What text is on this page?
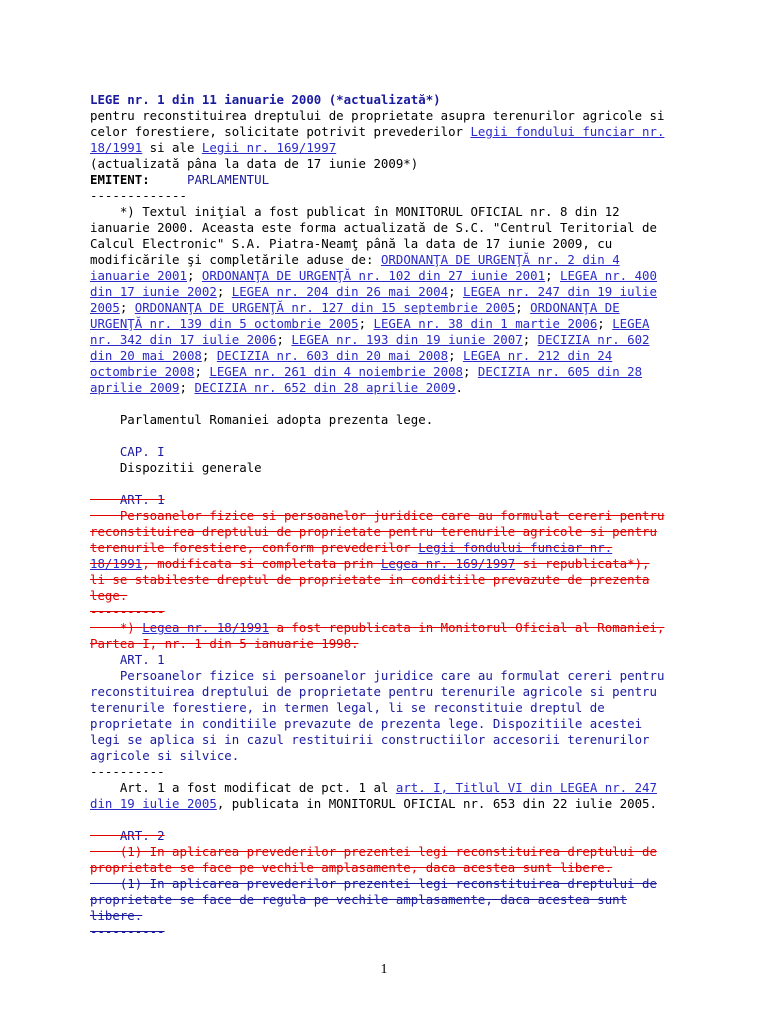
LEGE nr. 1 din 11 ianuarie 2000 (*actualizată*)
pentru reconstituirea dreptului de proprietate asupra terenurilor agricole si
celor forestiere, solicitate potrivit prevederilor Legii fondului funciar nr.
18/1991 si ale Legii nr. 169/1997
(actualizată pâna la data de 17 iunie 2009*)
EMITENT:	PARLAMENTUL
-------------
*) Textul iniţial a fost publicat în MONITORUL OFICIAL nr. 8 din 12
ianuarie 2000. Aceasta este forma actualizată de S.C. "Centrul Teritorial de
Calcul Electronic" S.A. Piatra-Neamţ până la data de 17 iunie 2009, cu
modificările şi completările aduse de: ORDONANŢA DE URGENŢĂ nr. 2 din 4
ianuarie 2001; ORDONANŢA DE URGENŢĂ nr. 102 din 27 iunie 2001; LEGEA nr. 400
din 17 iunie 2002; LEGEA nr. 204 din 26 mai 2004; LEGEA nr. 247 din 19 iulie
2005; ORDONANŢA DE URGENŢĂ nr. 127 din 15 septembrie 2005; ORDONANŢA DE
URGENŢĂ nr. 139 din 5 octombrie 2005; LEGEA nr. 38 din 1 martie 2006; LEGEA
nr. 342 din 17 iulie 2006; LEGEA nr. 193 din 19 iunie 2007; DECIZIA nr. 602
din 20 mai 2008; DECIZIA nr. 603 din 20 mai 2008; LEGEA nr. 212 din 24
octombrie 2008; LEGEA nr. 261 din 4 noiembrie 2008; DECIZIA nr. 605 din 28
aprilie 2009; DECIZIA nr. 652 din 28 aprilie 2009.
Parlamentul Romaniei adopta prezenta lege.
CAP. I
Dispozitii generale
ART. 1
Persoanelor fizice si persoanelor juridice care au formulat cereri pentru
reconstituirea dreptului de proprietate pentru terenurile agricole si pentru
terenurile forestiere, conform prevederilor Legii fondului funciar nr.
18/1991, modificata si completata prin Legea nr. 169/1997 si republicata*),
li se stabileste dreptul de proprietate in conditiile prevazute de prezenta
lege.
----------
*) Legea nr. 18/1991 a fost republicata in Monitorul Oficial al Romaniei,
Partea I, nr. 1 din 5 ianuarie 1998.
ART. 1
Persoanelor fizice si persoanelor juridice care au formulat cereri pentru
reconstituirea dreptului de proprietate pentru terenurile agricole si pentru
terenurile forestiere, in termen legal, li se reconstituie dreptul de
proprietate in conditiile prevazute de prezenta lege. Dispozitiile acestei
legi se aplica si in cazul restituirii constructiilor accesorii terenurilor
agricole si silvice.
----------
Art. 1 a fost modificat de pct. 1 al art. I, Titlul VI din LEGEA nr. 247
din 19 iulie 2005, publicata in MONITORUL OFICIAL nr. 653 din 22 iulie 2005.
ART. 2
(1) In aplicarea prevederilor prezentei legi reconstituirea dreptului de
proprietate se face pe vechile amplasamente, daca acestea sunt libere.
(1) In aplicarea prevederilor prezentei legi reconstituirea dreptului de
proprietate se face de regula pe vechile amplasamente, daca acestea sunt
libere.
----------
1
